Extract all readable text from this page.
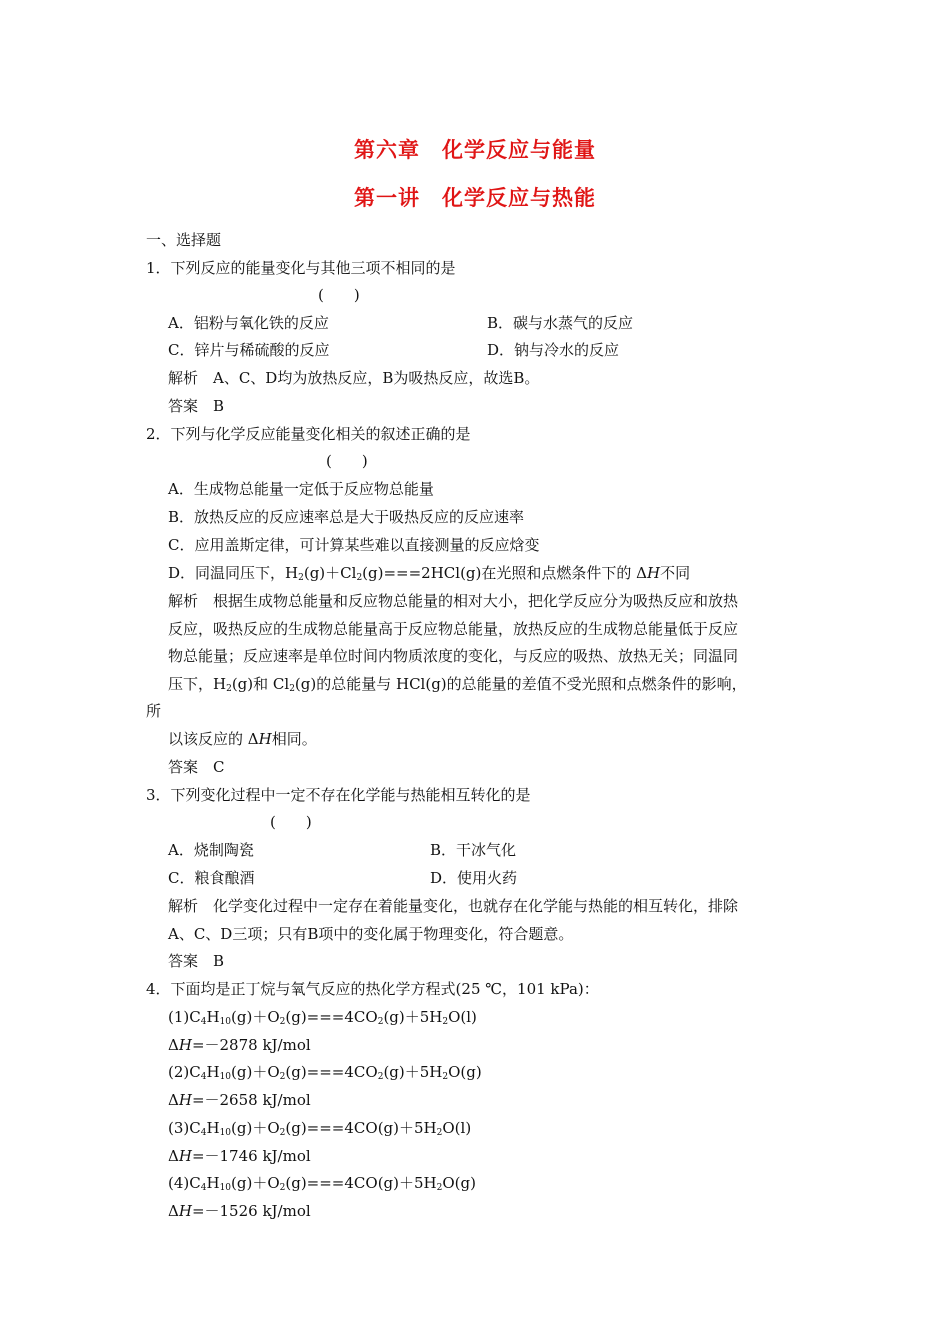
第六章　化学反应与能量
第一讲　化学反应与热能
一、选择题
1．下列反应的能量变化与其他三项不相同的是
(　　)
A．铝粉与氧化铁的反应	B．碳与水蒸气的反应
C．锌片与稀硫酸的反应	D．钠与冷水的反应
解析　A、C、D均为放热反应，B为吸热反应，故选B。
答案　B
2．下列与化学反应能量变化相关的叙述正确的是
(　　)
A．生成物总能量一定低于反应物总能量
B．放热反应的反应速率总是大于吸热反应的反应速率
C．应用盖斯定律，可计算某些难以直接测量的反应焓变
D．同温同压下，$H_2(g)+Cl_2(g)===2HCl(g)$在光照和点燃条件下的 ΔH不同
解析　根据生成物总能量和反应物总能量的相对大小，把化学反应分为吸热反应和放热
反应，吸热反应的生成物总能量高于反应物总能量，放热反应的生成物总能量低于反应
物总能量；反应速率是单位时间内物质浓度的变化，与反应的吸热、放热无关；同温同
压下，$H_2(g)$和 $Cl_2(g)$的总能量与 HCl(g)的总能量的差值不受光照和点燃条件的影响，
所
以该反应的 ΔH相同。
答案　C
3．下列变化过程中一定不存在化学能与热能相互转化的是
(　　)
A．烧制陶瓷	B．干冰气化
C．粮食酿酒	D．使用火药
解析　化学变化过程中一定存在着能量变化，也就存在化学能与热能的相互转化，排除
A、C、D三项；只有B项中的变化属于物理变化，符合题意。
答案　B
4．下面均是正丁烷与氧气反应的热化学方程式(25 ℃，101 kPa)：
$(1)C_4H_{10}(g)+O_2(g)===4CO_2(g)+5H_2O(l)$
ΔH=－2878 kJ/mol
$(2)C_4H_{10}(g)+O_2(g)===4CO_2(g)+5H_2O(g)$
ΔH=－2658 kJ/mol
$(3)C_4H_{10}(g)+O_2(g)===4CO(g)+5H_2O(l)$
ΔH=－1746 kJ/mol
$(4)C_4H_{10}(g)+O_2(g)===4CO(g)+5H_2O(g)$
ΔH=－1526 kJ/mol
